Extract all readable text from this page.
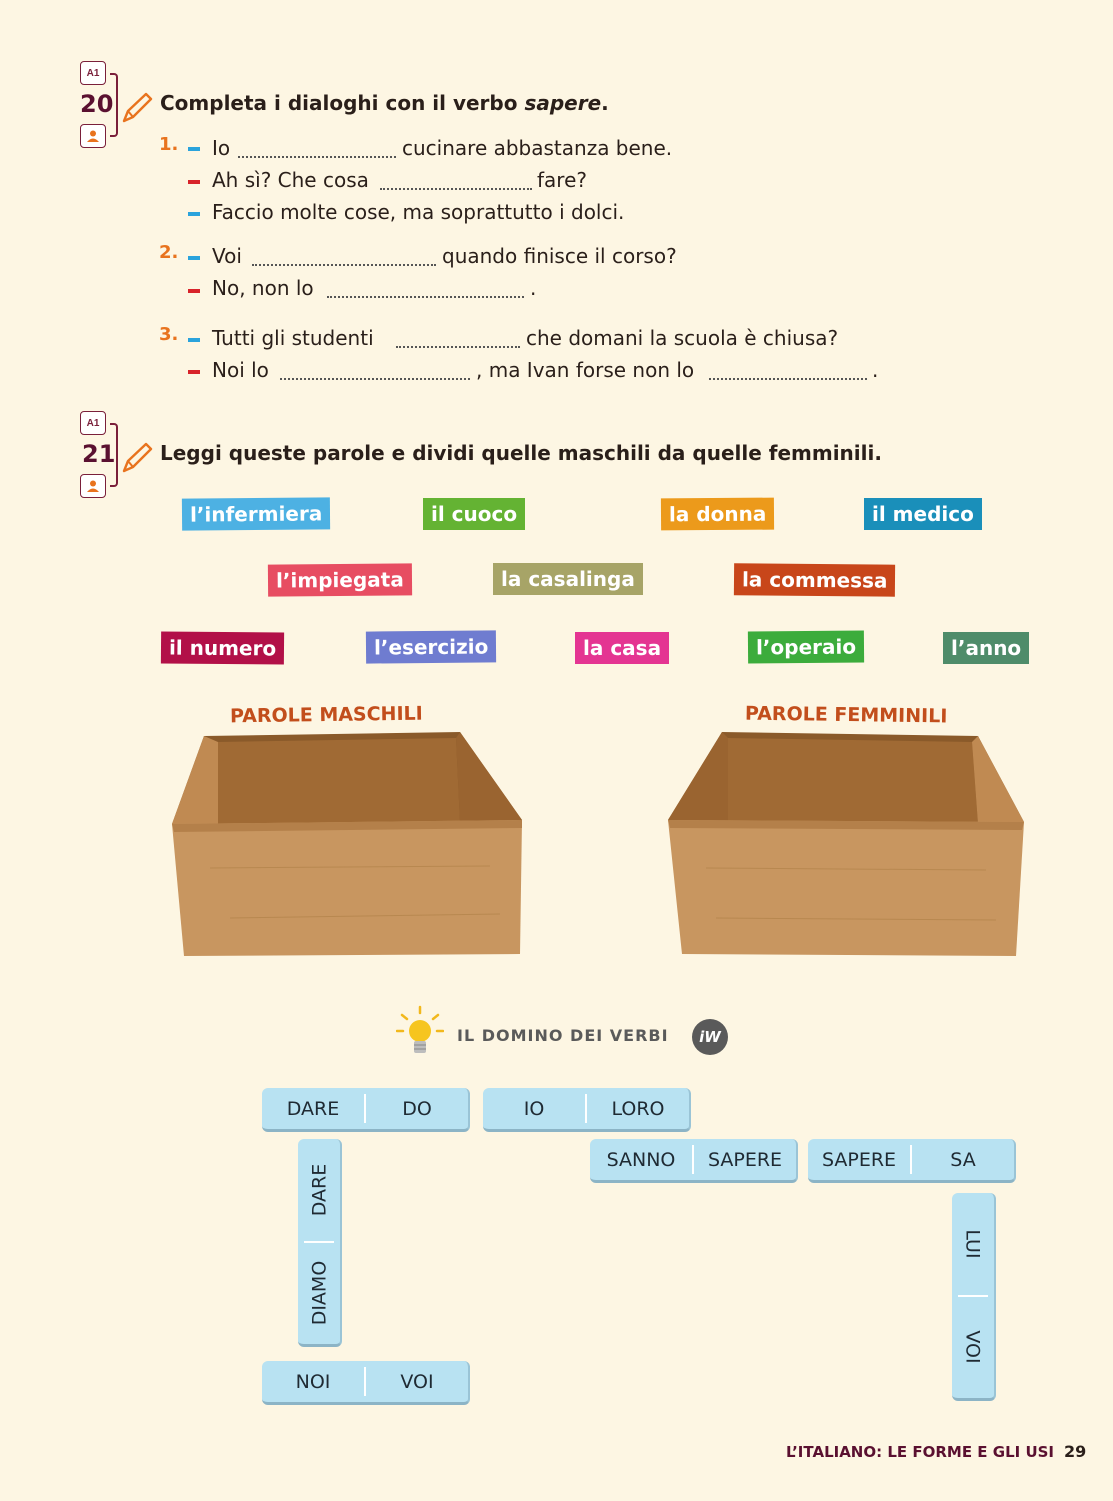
A1
20 Completa i dialoghi con il verbo sapere.
1. Io	cucinare abbastanza bene.
Ah sì? Che cosa	fare?
Faccio molte cose, ma soprattutto i dolci.
2. Voi	quando finisce il corso?
No, non lo	.
3. Tutti gli studenti	che domani la scuola è chiusa?
Noi lo	, ma Ivan forse non lo	.
A1
21 Leggi queste parole e dividi quelle maschili da quelle femminili.
l’infermiera	il cuoco	la donna	il medico
l’impiegata	la casalinga	la commessa
il numero	l’esercizio	la casa	l’operaio	l’anno
PAROLE MASCHILI	PAROLE FEMMINILI
IL DOMINO DEI VERBI	iW
DARE	DO	IO	LORO
SANNO	SAPERE	SAPERE	SA
DARE
DIAMO
LUI
VOI
NOI	VOI
L’ITALIANO: LE FORME E GLI USI 29
